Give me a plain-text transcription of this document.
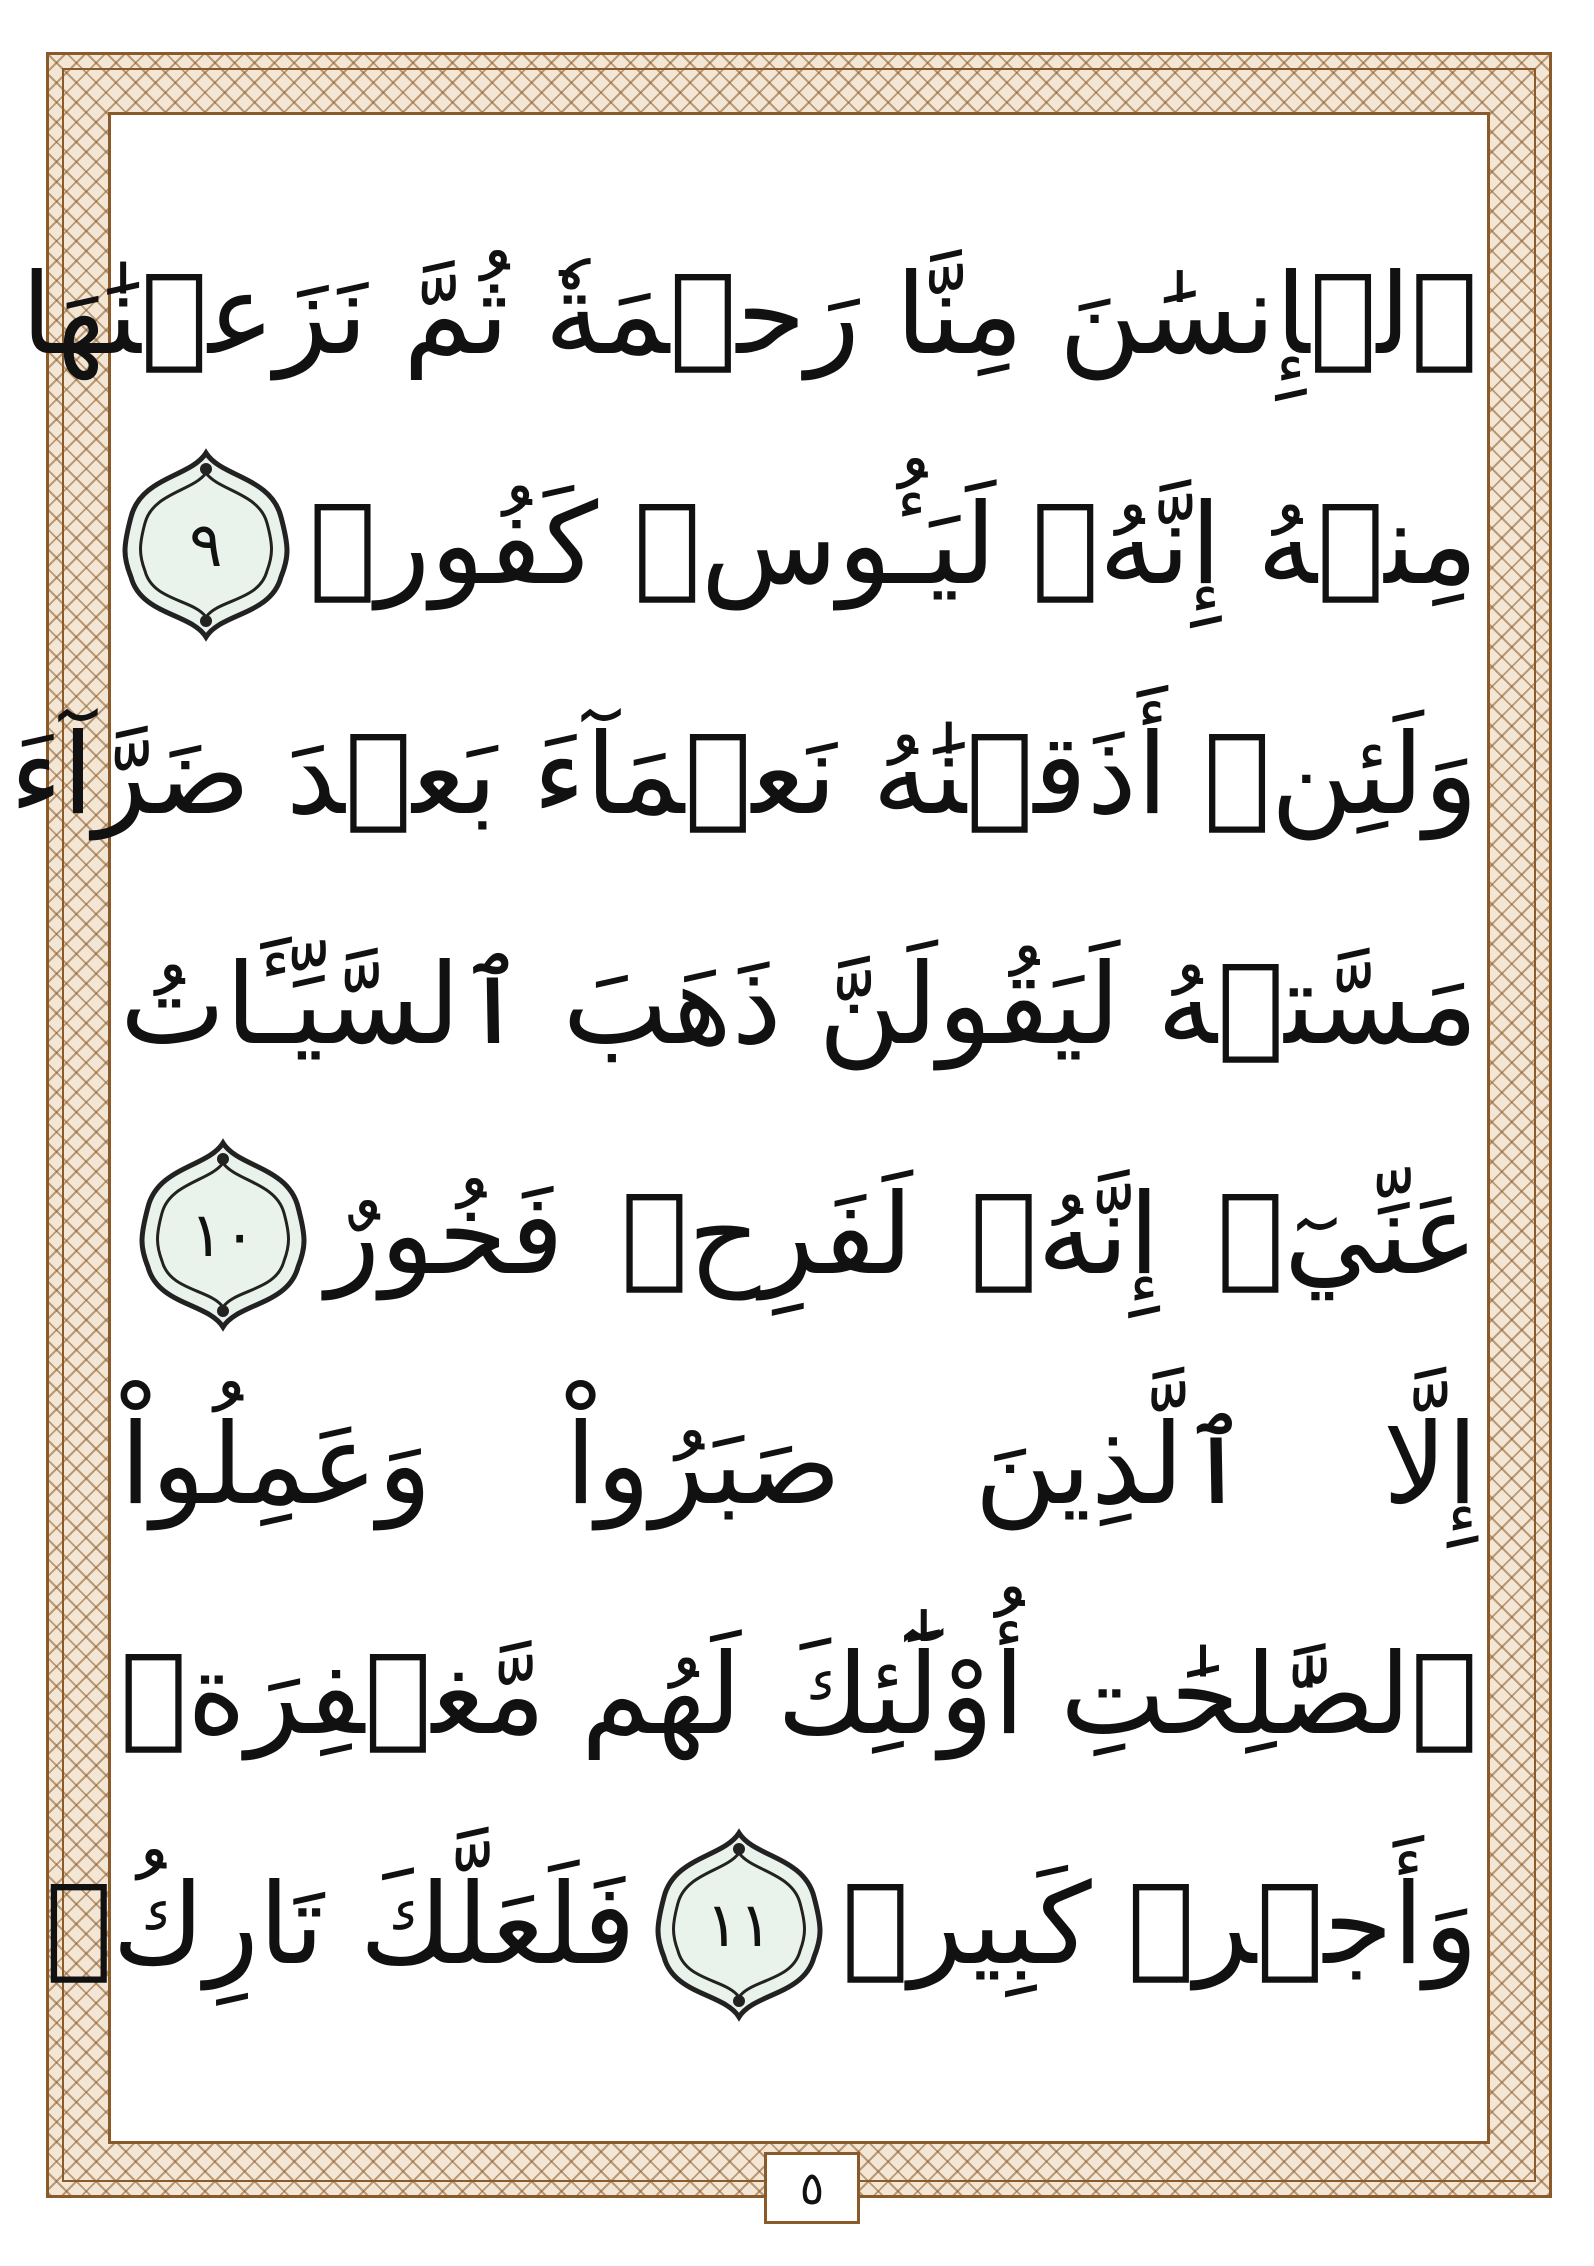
ٱلۡإِنسَٰنَ مِنَّا رَحۡمَةٗ ثُمَّ نَزَعۡنَٰهَا
مِنۡهُ إِنَّهُۥ لَيَـُٔوسٞ كَفُورٞ
٩
وَلَئِنۡ أَذَقۡنَٰهُ نَعۡمَآءَ بَعۡدَ ضَرَّآءَ
مَسَّتۡهُ لَيَقُولَنَّ ذَهَبَ ٱلسَّيِّـَٔاتُ
عَنِّيٓۚ إِنَّهُۥ لَفَرِحٞ فَخُورٌ
١٠
إِلَّا ٱلَّذِينَ صَبَرُواْ وَعَمِلُواْ
ٱلصَّٰلِحَٰتِ أُوْلَٰٓئِكَ لَهُم مَّغۡفِرَةٞ
وَأَجۡرٞ كَبِيرٞ
١١
فَلَعَلَّكَ تَارِكُۢ
٥
